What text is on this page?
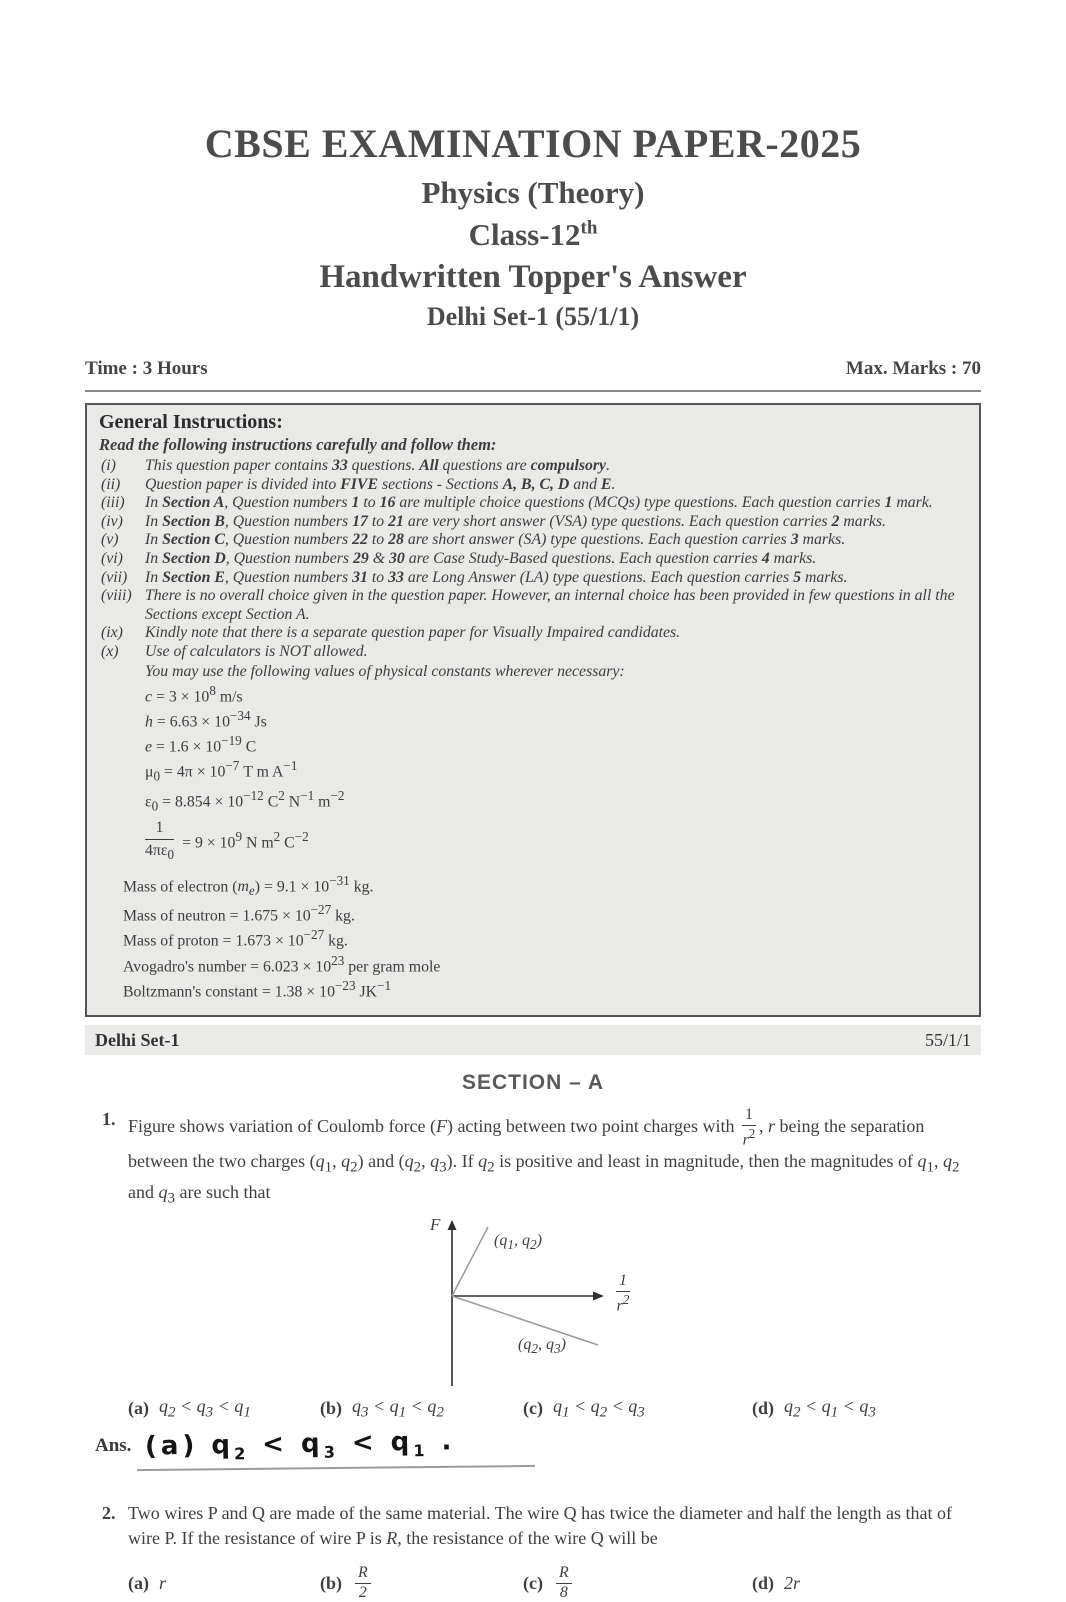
CBSE EXAMINATION PAPER-2025
Physics (Theory)
Class-12th
Handwritten Topper's Answer
Delhi Set-1 (55/1/1)
Time : 3 Hours	Max. Marks : 70
General Instructions:
Read the following instructions carefully and follow them:
(i)	This question paper contains 33 questions. All questions are compulsory.
(ii)	Question paper is divided into FIVE sections - Sections A, B, C, D and E.
(iii)	In Section A, Question numbers 1 to 16 are multiple choice questions (MCQs) type questions. Each question carries 1 mark.
(iv)	In Section B, Question numbers 17 to 21 are very short answer (VSA) type questions. Each question carries 2 marks.
(v)	In Section C, Question numbers 22 to 28 are short answer (SA) type questions. Each question carries 3 marks.
(vi)	In Section D, Question numbers 29 & 30 are Case Study-Based questions. Each question carries 4 marks.
(vii)	In Section E, Question numbers 31 to 33 are Long Answer (LA) type questions. Each question carries 5 marks.
(viii) There is no overall choice given in the question paper. However, an internal choice has been provided in few questions in all the Sections except Section A.
(ix)	Kindly note that there is a separate question paper for Visually Impaired candidates.
(x)	Use of calculators is NOT allowed.
You may use the following values of physical constants wherever necessary:
$c = 3 \times 10^8$ m/s
$h = 6.63 \times 10^{-34}$ Js
$e = 1.6 \times 10^{-19}$ C
$\mu_0 = 4\pi \times 10^{-7}$ T m $A^{-1}$
$\varepsilon_0 = 8.854 \times 10^{-12}$ $C^2$ $N^{-1}$ $m^{-2}$
$\frac{1}{4\pi\varepsilon_0} = 9 \times 10^9$ N $m^2$ $C^{-2}$
Mass of electron $(m_e) = 9.1 \times 10^{-31}$ kg.
Mass of neutron = $1.675 \times 10^{-27}$ kg.
Mass of proton = $1.673 \times 10^{-27}$ kg.
Avogadro's number = $6.023 \times 10^{23}$ per gram mole
Boltzmann's constant = $1.38 \times 10^{-23}$ $JK^{-1}$
Delhi Set-1	55/1/1
SECTION – A
1. Figure shows variation of Coulomb force (F) acting between two point charges with $\frac{1}{r^2}$ , r being the separation between the two charges ($q_1$, $q_2$) and ($q_2$, $q_3$). If $q_2$ is positive and least in magnitude, then the magnitudes of $q_1$, $q_2$ and $q_3$ are such that

F
($q_1$, $q_2$)
($q_2$, $q_3$)
$\frac{1}{r^2}$
(a) $q_2 < q_3 < q_1$	(b) $q_3 < q_1 < q_2$	(c) $q_1 < q_2 < q_3$	(d) $q_2 < q_1 < q_3$
Ans. (a) $q_2 < q_3 < q_1$ .
2. Two wires P and Q are made of the same material. The wire Q has twice the diameter and half the length as that of wire P. If the resistance of wire P is R, the resistance of the wire Q will be

(a) r	$(b) \frac{R}{2}$	$(c) \frac{R}{8}$	(d) 2r
